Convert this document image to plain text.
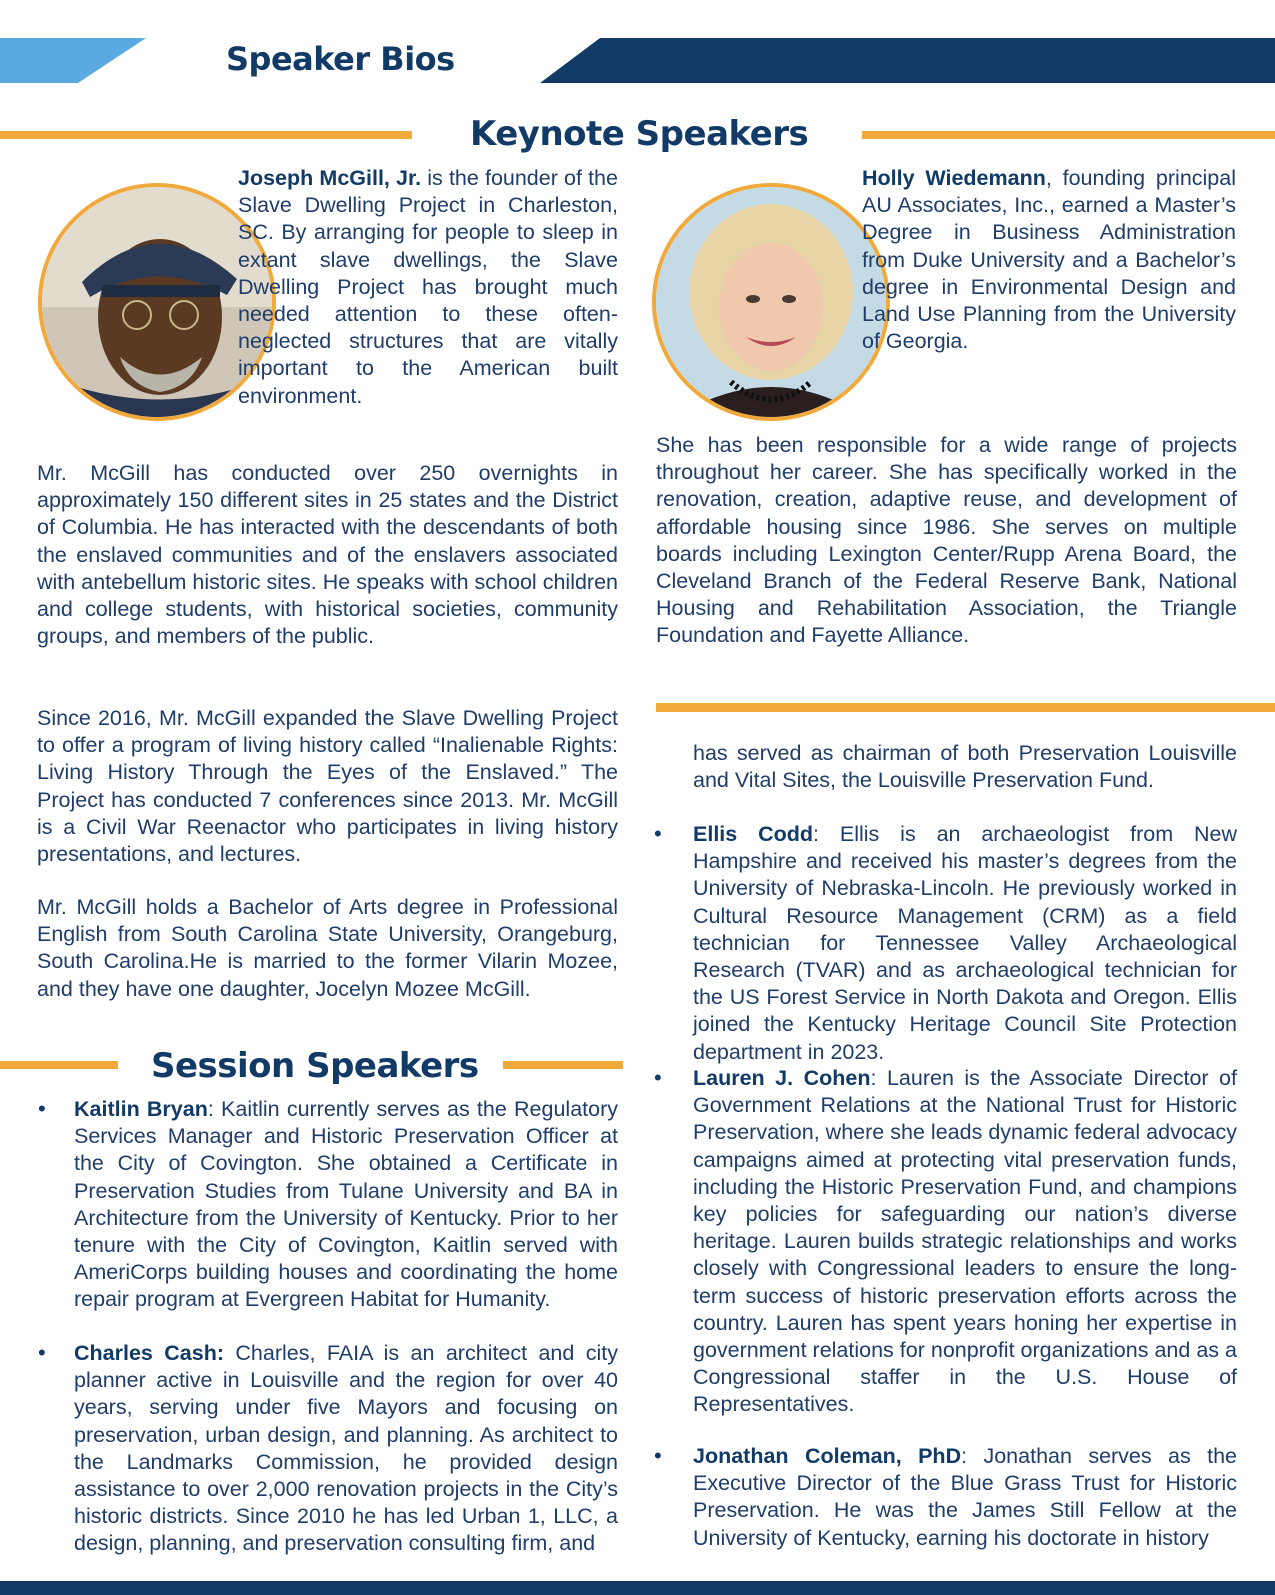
Speaker Bios
Keynote Speakers
Joseph McGill, Jr. is the founder of the Slave Dwelling Project in Charleston, SC. By arranging for people to sleep in extant slave dwellings, the Slave Dwelling Project has brought much needed attention to these often-neglected structures that are vitally important to the American built environment.
Mr. McGill has conducted over 250 overnights in approximately 150 different sites in 25 states and the District of Columbia. He has interacted with the descendants of both the enslaved communities and of the enslavers associated with antebellum historic sites. He speaks with school children and college students, with historical societies, community groups, and members of the public.
Since 2016, Mr. McGill expanded the Slave Dwelling Project to offer a program of living history called “Inalienable Rights: Living History Through the Eyes of the Enslaved.” The Project has conducted 7 conferences since 2013. Mr. McGill is a Civil War Reenactor who participates in living history presentations, and lectures.
Mr. McGill holds a Bachelor of Arts degree in Professional English from South Carolina State University, Orangeburg, South Carolina.He is married to the former Vilarin Mozee, and they have one daughter, Jocelyn Mozee McGill.
Holly Wiedemann, founding principal AU Associates, Inc., earned a Master’s Degree in Business Administration from Duke University and a Bachelor’s degree in Environmental Design and Land Use Planning from the University of Georgia.
She has been responsible for a wide range of projects throughout her career. She has specifically worked in the renovation, creation, adaptive reuse, and development of affordable housing since 1986. She serves on multiple boards including Lexington Center/Rupp Arena Board, the Cleveland Branch of the Federal Reserve Bank, National Housing and Rehabilitation Association, the Triangle Foundation and Fayette Alliance.
Session Speakers
• Kaitlin Bryan: Kaitlin currently serves as the Regulatory Services Manager and Historic Preservation Officer at the City of Covington. She obtained a Certificate in Preservation Studies from Tulane University and BA in Architecture from the University of Kentucky. Prior to her tenure with the City of Covington, Kaitlin served with AmeriCorps building houses and coordinating the home repair program at Evergreen Habitat for Humanity.
• Charles Cash: Charles, FAIA is an architect and city planner active in Louisville and the region for over 40 years, serving under five Mayors and focusing on preservation, urban design, and planning. As architect to the Landmarks Commission, he provided design assistance to over 2,000 renovation projects in the City’s historic districts. Since 2010 he has led Urban 1, LLC, a design, planning, and preservation consulting firm, and
has served as chairman of both Preservation Louisville and Vital Sites, the Louisville Preservation Fund.
• Ellis Codd: Ellis is an archaeologist from New Hampshire and received his master’s degrees from the University of Nebraska-Lincoln. He previously worked in Cultural Resource Management (CRM) as a field technician for Tennessee Valley Archaeological Research (TVAR) and as archaeological technician for the US Forest Service in North Dakota and Oregon. Ellis joined the Kentucky Heritage Council Site Protection department in 2023.
• Lauren J. Cohen: Lauren is the Associate Director of Government Relations at the National Trust for Historic Preservation, where she leads dynamic federal advocacy campaigns aimed at protecting vital preservation funds, including the Historic Preservation Fund, and champions key policies for safeguarding our nation’s diverse heritage. Lauren builds strategic relationships and works closely with Congressional leaders to ensure the long-term success of historic preservation efforts across the country. Lauren has spent years honing her expertise in government relations for nonprofit organizations and as a Congressional staffer in the U.S. House of Representatives.
• Jonathan Coleman, PhD: Jonathan serves as the Executive Director of the Blue Grass Trust for Historic Preservation. He was the James Still Fellow at the University of Kentucky, earning his doctorate in history
